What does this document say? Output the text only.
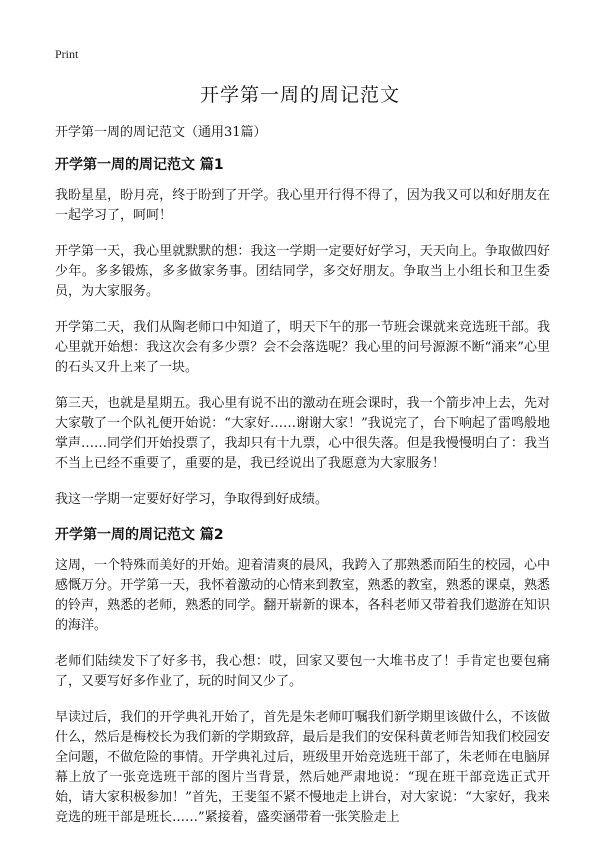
Print
开学第一周的周记范文

开学第一周的周记范文（通用31篇）

开学第一周的周记范文 篇1

我盼星星，盼月亮，终于盼到了开学。我心里开行得不得了，因为我又可以和好朋友在一起学习了，呵呵！

开学第一天，我心里就默默的想：我这一学期一定要好好学习，天天向上。争取做四好少年。多多锻炼，多多做家务事。团结同学，多交好朋友。争取当上小组长和卫生委员，为大家服务。

开学第二天，我们从陶老师口中知道了，明天下午的那一节班会课就来竞选班干部。我心里就开始想：我这次会有多少票？会不会落选呢？我心里的问号源源不断“涌来”心里的石头又升上来了一块。

第三天，也就是星期五。我心里有说不出的激动在班会课时，我一个箭步冲上去，先对大家敬了一个队礼便开始说：“大家好……谢谢大家！”我说完了，台下响起了雷鸣般地掌声……同学们开始投票了，我却只有十九票，心中很失落。但是我慢慢明白了：我当不当上已经不重要了，重要的是，我已经说出了我愿意为大家服务！

我这一学期一定要好好学习，争取得到好成绩。

开学第一周的周记范文 篇2

这周，一个特殊而美好的开始。迎着清爽的晨风，我跨入了那熟悉而陌生的校园，心中感慨万分。开学第一天，我怀着激动的心情来到教室，熟悉的教室，熟悉的课桌，熟悉的铃声，熟悉的老师，熟悉的同学。翻开崭新的课本，各科老师又带着我们遨游在知识的海洋。

老师们陆续发下了好多书，我心想：哎，回家又要包一大堆书皮了！手肯定也要包痛了，又要写好多作业了，玩的时间又少了。

早读过后，我们的开学典礼开始了，首先是朱老师叮嘱我们新学期里该做什么，不该做什么，然后是梅校长为我们新的学期致辞，最后是我们的安保科黄老师告知我们校园安全问题，不做危险的事情。开学典礼过后，班级里开始竞选班干部了，朱老师在电脑屏幕上放了一张竞选班干部的图片当背景，然后她严肃地说：“现在班干部竞选正式开始，请大家积极参加！”首先，王斐玺不紧不慢地走上讲台，对大家说：“大家好，我来竞选的班干部是班长……”紧接着，盛奕涵带着一张笑脸走上
